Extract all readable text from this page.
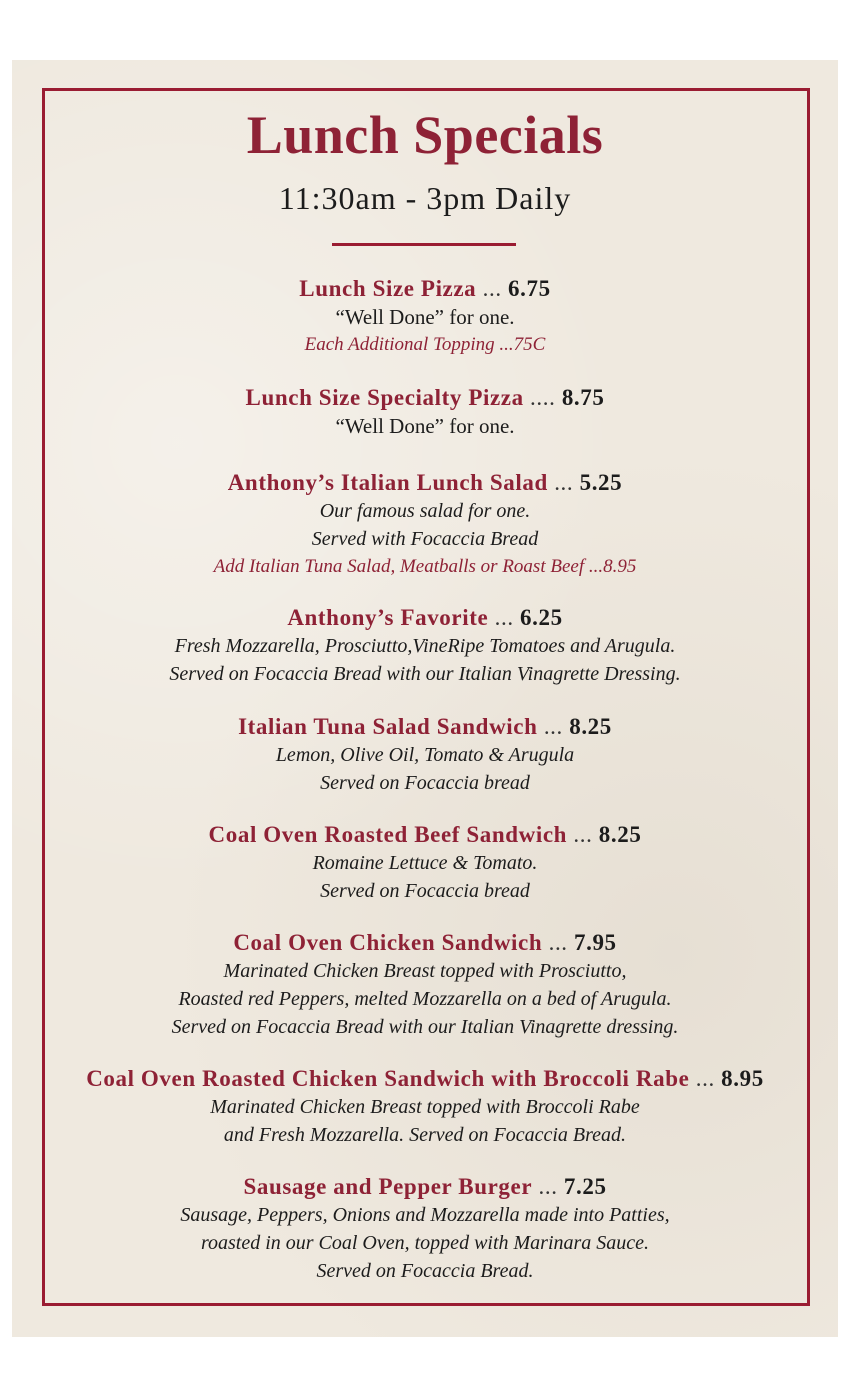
Lunch Specials
11:30am - 3pm Daily
Lunch Size Pizza ... 6.75
“Well Done” for one.
Each Additional Topping ...75C
Lunch Size Specialty Pizza .... 8.75
“Well Done” for one.
Anthony’s Italian Lunch Salad ... 5.25
Our famous salad for one.
Served with Focaccia Bread
Add Italian Tuna Salad, Meatballs or Roast Beef ...8.95
Anthony’s Favorite ... 6.25
Fresh Mozzarella, Prosciutto,VineRipe Tomatoes and Arugula.
Served on Focaccia Bread with our Italian Vinagrette Dressing.
Italian Tuna Salad Sandwich ... 8.25
Lemon, Olive Oil, Tomato & Arugula
Served on Focaccia bread
Coal Oven Roasted Beef Sandwich ... 8.25
Romaine Lettuce & Tomato.
Served on Focaccia bread
Coal Oven Chicken Sandwich ... 7.95
Marinated Chicken Breast topped with Prosciutto,
Roasted red Peppers, melted Mozzarella on a bed of Arugula.
Served on Focaccia Bread with our Italian Vinagrette dressing.
Coal Oven Roasted Chicken Sandwich with Broccoli Rabe ... 8.95
Marinated Chicken Breast topped with Broccoli Rabe
and Fresh Mozzarella. Served on Focaccia Bread.
Sausage and Pepper Burger ... 7.25
Sausage, Peppers, Onions and Mozzarella made into Patties,
roasted in our Coal Oven, topped with Marinara Sauce.
Served on Focaccia Bread.
